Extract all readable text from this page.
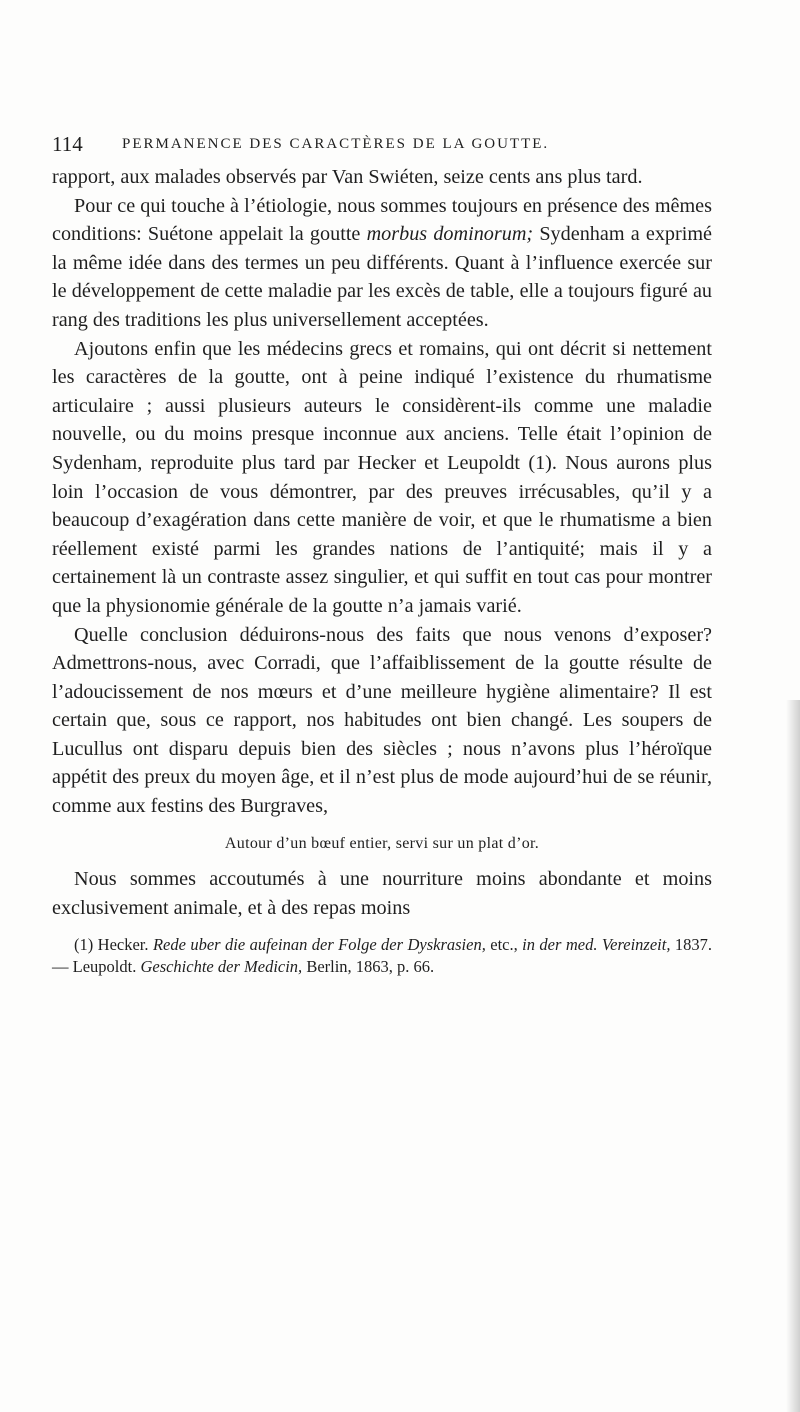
114	PERMANENCE DES CARACTÈRES DE LA GOUTTE.

rapport, aux malades observés par Van Swiéten, seize cents ans plus tard.

Pour ce qui touche à l’étiologie, nous sommes toujours en présence des mêmes conditions: Suétone appelait la goutte morbus dominorum; Sydenham a exprimé la même idée dans des termes un peu différents. Quant à l’influence exercée sur le développement de cette maladie par les excès de table, elle a toujours figuré au rang des traditions les plus universellement acceptées.

Ajoutons enfin que les médecins grecs et romains, qui ont décrit si nettement les caractères de la goutte, ont à peine indiqué l’existence du rhumatisme articulaire ; aussi plusieurs auteurs le considèrent-ils comme une maladie nouvelle, ou du moins presque inconnue aux anciens. Telle était l’opinion de Sydenham, reproduite plus tard par Hecker et Leupoldt (1). Nous aurons plus loin l’occasion de vous démontrer, par des preuves irrécusables, qu’il y a beaucoup d’exagération dans cette manière de voir, et que le rhumatisme a bien réellement existé parmi les grandes nations de l’antiquité; mais il y a certainement là un contraste assez singulier, et qui suffit en tout cas pour montrer que la physionomie générale de la goutte n’a jamais varié.

Quelle conclusion déduirons-nous des faits que nous venons d’exposer? Admettrons-nous, avec Corradi, que l’affaiblissement de la goutte résulte de l’adoucissement de nos mœurs et d’une meilleure hygiène alimentaire? Il est certain que, sous ce rapport, nos habitudes ont bien changé. Les soupers de Lucullus ont disparu depuis bien des siècles ; nous n’avons plus l’héroïque appétit des preux du moyen âge, et il n’est plus de mode aujourd’hui de se réunir, comme aux festins des Burgraves,

Autour d’un bœuf entier, servi sur un plat d’or.

Nous sommes accoutumés à une nourriture moins abondante et moins exclusivement animale, et à des repas moins

(1) Hecker. Rede uber die aufeinan der Folge der Dyskrasien, etc., in der med. Vereinzeit, 1837. — Leupoldt. Geschichte der Medicin, Berlin, 1863, p. 66.
